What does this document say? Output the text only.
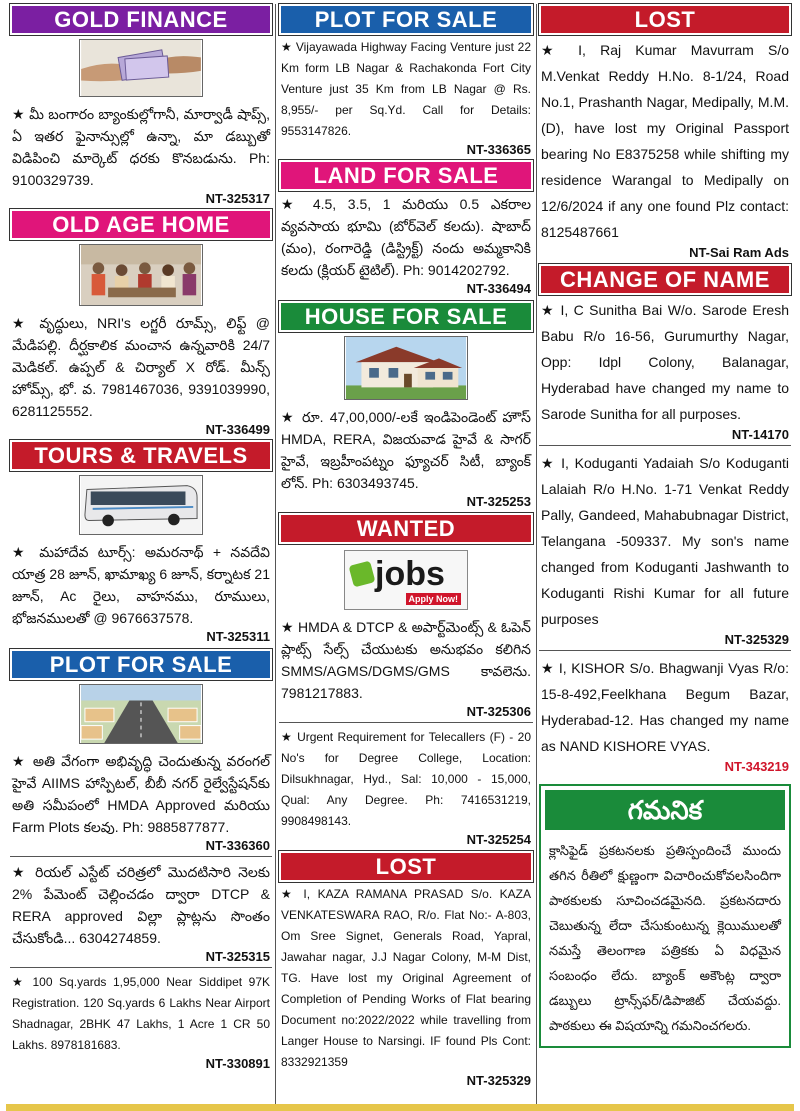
GOLD FINANCE
★ మీ బంగారం బ్యాంకుల్లోగానీ, మార్వాడీ షాప్స్, ఏ ఇతర ఫైనాన్సుల్లో ఉన్నా, మా డబ్బుతో విడిపించి మార్కెట్ ధరకు కొనబడును. Ph: 9100329739.
NT-325317
OLD AGE HOME
★ వృద్ధులు, NRI's లగ్జరీ రూమ్స్, లిఫ్ట్ @ మేడిపల్లి. దీర్ఘకాలిక మంచాన ఉన్నవారికి 24/7 మెడికల్. ఉప్పల్ & చిర్యాల్ X రోడ్. మీన్స్ హోమ్స్, భో. వ. 7981467036, 9391039990, 6281125552.
NT-336499
TOURS & TRAVELS
★ మహాదేవ టూర్స్: అమరనాథ్ + నవదేవి యాత్ర 28 జూన్, ఖామాఖ్య 6 జూన్, కర్నాటక 21 జూన్, Ac రైలు, వాహనము, రూములు, భోజనములతో @ 9676637578.
NT-325311
PLOT FOR SALE
★ అతి వేగంగా అభివృద్ధి చెందుతున్న వరంగల్ హైవే AIIMS హాస్పిటల్, బీబీ నగర్ రైల్వేస్టేషన్‌కు అతి సమీపంలో HMDA Approved మరియు Farm Plots కలవు. Ph: 9885877877.
NT-336360
★ రియల్ ఎస్టేట్ చరిత్రలో మొదటిసారి నెలకు 2% పేమెంట్ చెల్లించడం ద్వారా DTCP & RERA approved విల్లా ప్లాట్లను సొంతం చేసుకోండి... 6304274859.
NT-325315
★ 100 Sq.yards 1,95,000 Near Siddipet 97K Registration. 120 Sq.yards 6 Lakhs Near Airport Shadnagar, 2BHK 47 Lakhs, 1 Acre 1 CR 50 Lakhs. 8978181683.
NT-330891
PLOT FOR SALE
★ Vijayawada Highway Facing Venture just 22 Km form LB Nagar & Rachakonda Fort City Venture just 35 Km from LB Nagar @ Rs. 8,955/- per Sq.Yd. Call for Details: 9553147826.
NT-336365
LAND FOR SALE
★ 4.5, 3.5, 1 మరియు 0.5 ఎకరాల వ్యవసాయ భూమి (బోర్‌వెల్ కలదు). షాబాద్ (మం), రంగారెడ్డి (డిస్ట్రిక్ట్) నందు అమ్మకానికి కలదు (క్లియర్ టైటిల్). Ph: 9014202792.
NT-336494
HOUSE FOR SALE
★ రూ. 47,00,000/-లకే ఇండిపెండెంట్ హౌస్ HMDA, RERA, విజయవాడ హైవే & సాగర్ హైవే, ఇబ్రహీంపట్నం ఫ్యూచర్ సిటీ, బ్యాంక్ లోన్. Ph: 6303493745.
NT-325253
WANTED
jobs
Apply Now!
★ HMDA & DTCP & అపార్ట్‌మెంట్స్ & ఓపెన్ ప్లాట్స్ సేల్స్ చేయుటకు అనుభవం కలిగిన SMMS/AGMS/DGMS/GMS కావలెను. 7981217883.
NT-325306
★ Urgent Requirement for Telecallers (F) - 20 No's for Degree College, Location: Dilsukhnagar, Hyd., Sal: 10,000 - 15,000, Qual: Any Degree. Ph: 7416531219, 9908498143.
NT-325254
LOST
★ I, KAZA RAMANA PRASAD S/o. KAZA VENKATESWARA RAO, R/o. Flat No:- A-803, Om Sree Signet, Generals Road, Yapral, Jawahar nagar, J.J Nagar Colony, M-M Dist, TG. Have lost my Original Agreement of Completion of Pending Works of Flat bearing Document no:2022/2022 while travelling from Langer House to Narsingi. IF found Pls Cont: 8332921359
NT-325329
LOST
★ I, Raj Kumar Mavurram S/o M.Venkat Reddy H.No. 8-1/24, Road No.1, Prashanth Nagar, Medipally, M.M.(D), have lost my Original Passport bearing No E8375258 while shifting my residence Warangal to Medipally on 12/6/2024 if any one found Plz contact: 8125487661
NT-Sai Ram Ads
CHANGE OF NAME
★ I, C Sunitha Bai W/o. Sarode Eresh Babu R/o 16-56, Gurumurthy Nagar, Opp: Idpl Colony, Balanagar, Hyderabad have changed my name to Sarode Sunitha for all purposes.
NT-14170
★ I, Koduganti Yadaiah S/o Koduganti Lalaiah R/o H.No. 1-71 Venkat Reddy Pally, Gandeed, Mahabubnagar District, Telangana -509337. My son's name changed from Koduganti Jashwanth to Koduganti Rishi Kumar for all future purposes
NT-325329
★ I, KISHOR S/o. Bhagwanji Vyas R/o: 15-8-492,Feelkhana Begum Bazar, Hyderabad-12. Has changed my name as NAND KISHORE VYAS.
NT-343219
గమనిక
క్లాసిఫైడ్ ప్రకటనలకు ప్రతిస్పందించే ముందు తగిన రీతిలో క్షుణ్ణంగా విచారించుకోవలసిందిగా పాఠకులకు సూచించడమైనది. ప్రకటనదారు చెబుతున్న లేదా చేసుకుంటున్న క్లెయిములతో నమస్తే తెలంగాణ పత్రికకు ఏ విధమైన సంబంధం లేదు. బ్యాంక్ అకౌంట్ల ద్వారా డబ్బులు ట్రాన్స్‌ఫర్/డిపాజిట్ చేయవద్దు. పాఠకులు ఈ విషయాన్ని గమనించగలరు.
